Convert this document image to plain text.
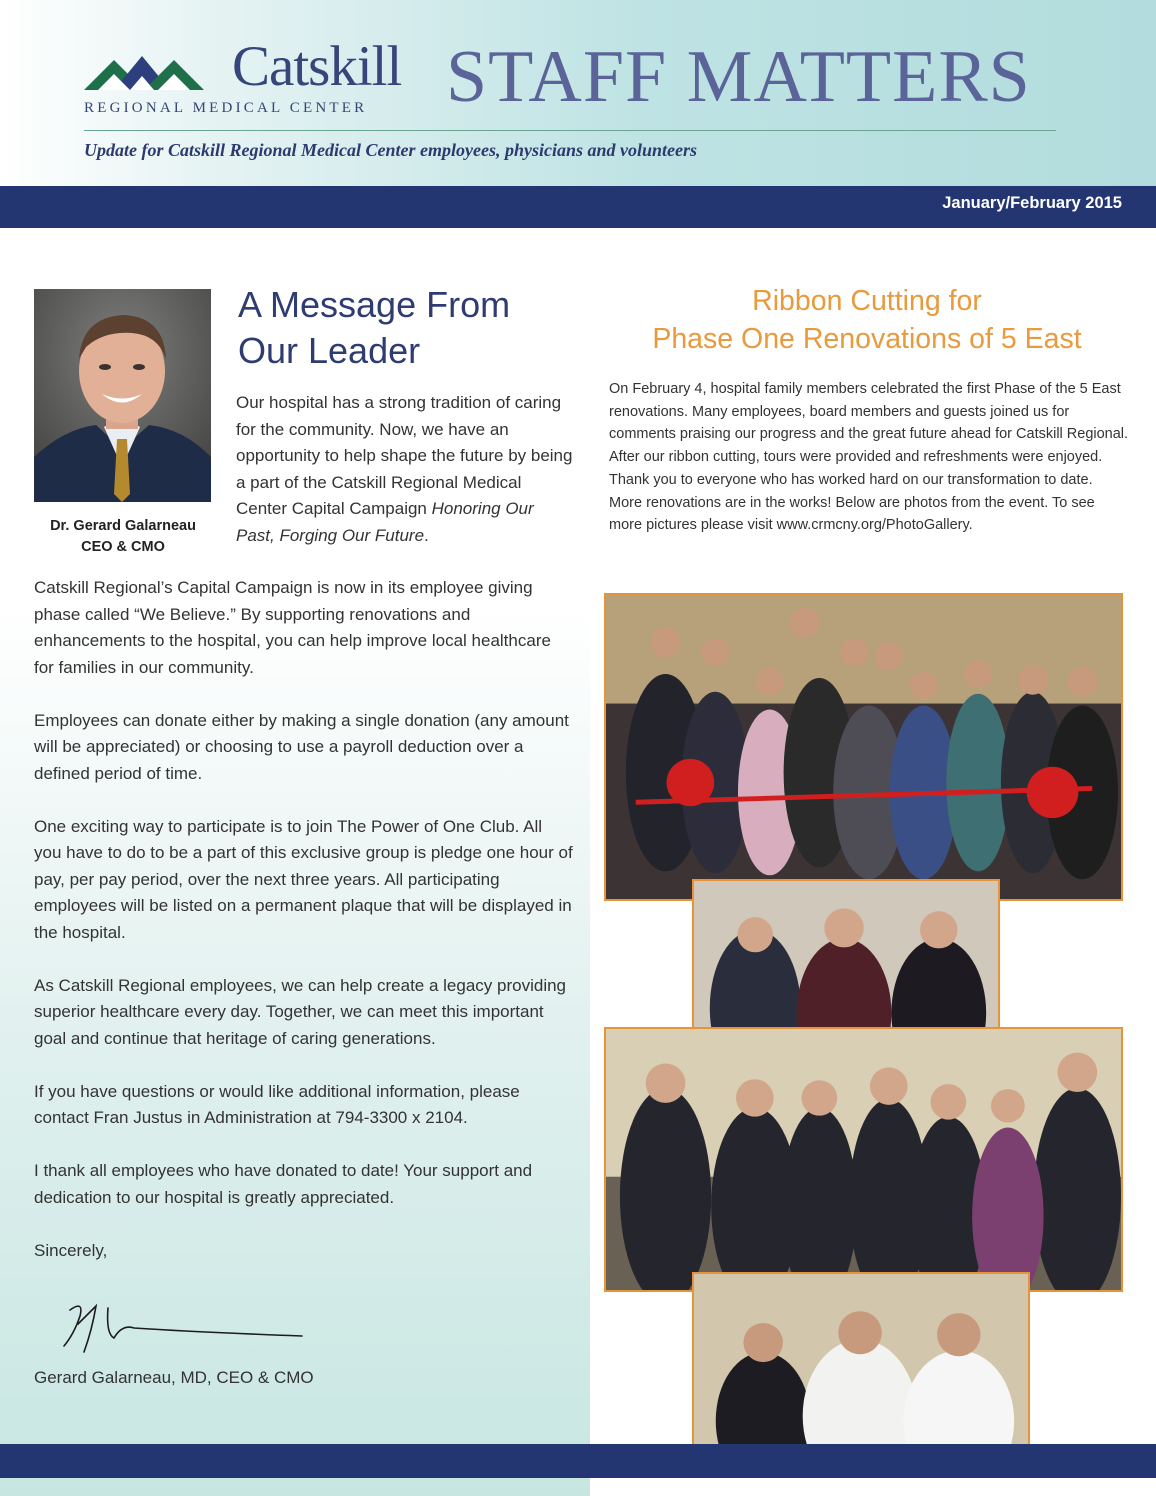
Catskill
REGIONAL MEDICAL CENTER STAFF MATTERS
Update for Catskill Regional Medical Center employees, physicians and volunteers
January/February 2015
Dr. Gerard Galarneau
CEO & CMO
A Message From
Our Leader

Our hospital has a strong tradition of caring for the community. Now, we have an opportunity to help shape the future by being a part of the Catskill Regional Medical Center Capital Campaign Honoring Our Past, Forging Our Future.

Catskill Regional’s Capital Campaign is now in its employee giving phase called “We Believe.” By supporting renovations and enhancements to the hospital, you can help improve local healthcare for families in our community.

Employees can donate either by making a single donation (any amount will be appreciated) or choosing to use a payroll deduction over a defined period of time.

One exciting way to participate is to join The Power of One Club. All you have to do to be a part of this exclusive group is pledge one hour of pay, per pay period, over the next three years. All participating employees will be listed on a permanent plaque that will be displayed in the hospital.

As Catskill Regional employees, we can help create a legacy providing superior healthcare every day. Together, we can meet this important goal and continue that heritage of caring generations.

If you have questions or would like additional information, please contact Fran Justus in Administration at 794-3300 x 2104.

I thank all employees who have donated to date! Your support and dedication to our hospital is greatly appreciated.

Sincerely,

Gerard Galarneau, MD, CEO & CMO
Ribbon Cutting for
Phase One Renovations of 5 East

On February 4, hospital family members celebrated the first Phase of the 5 East renovations. Many employees, board members and guests joined us for comments praising our progress and the great future ahead for Catskill Regional. After our ribbon cutting, tours were provided and refreshments were enjoyed. Thank you to everyone who has worked hard on our transformation to date. More renovations are in the works! Below are photos from the event. To see more pictures please visit www.crmcny.org/PhotoGallery.
